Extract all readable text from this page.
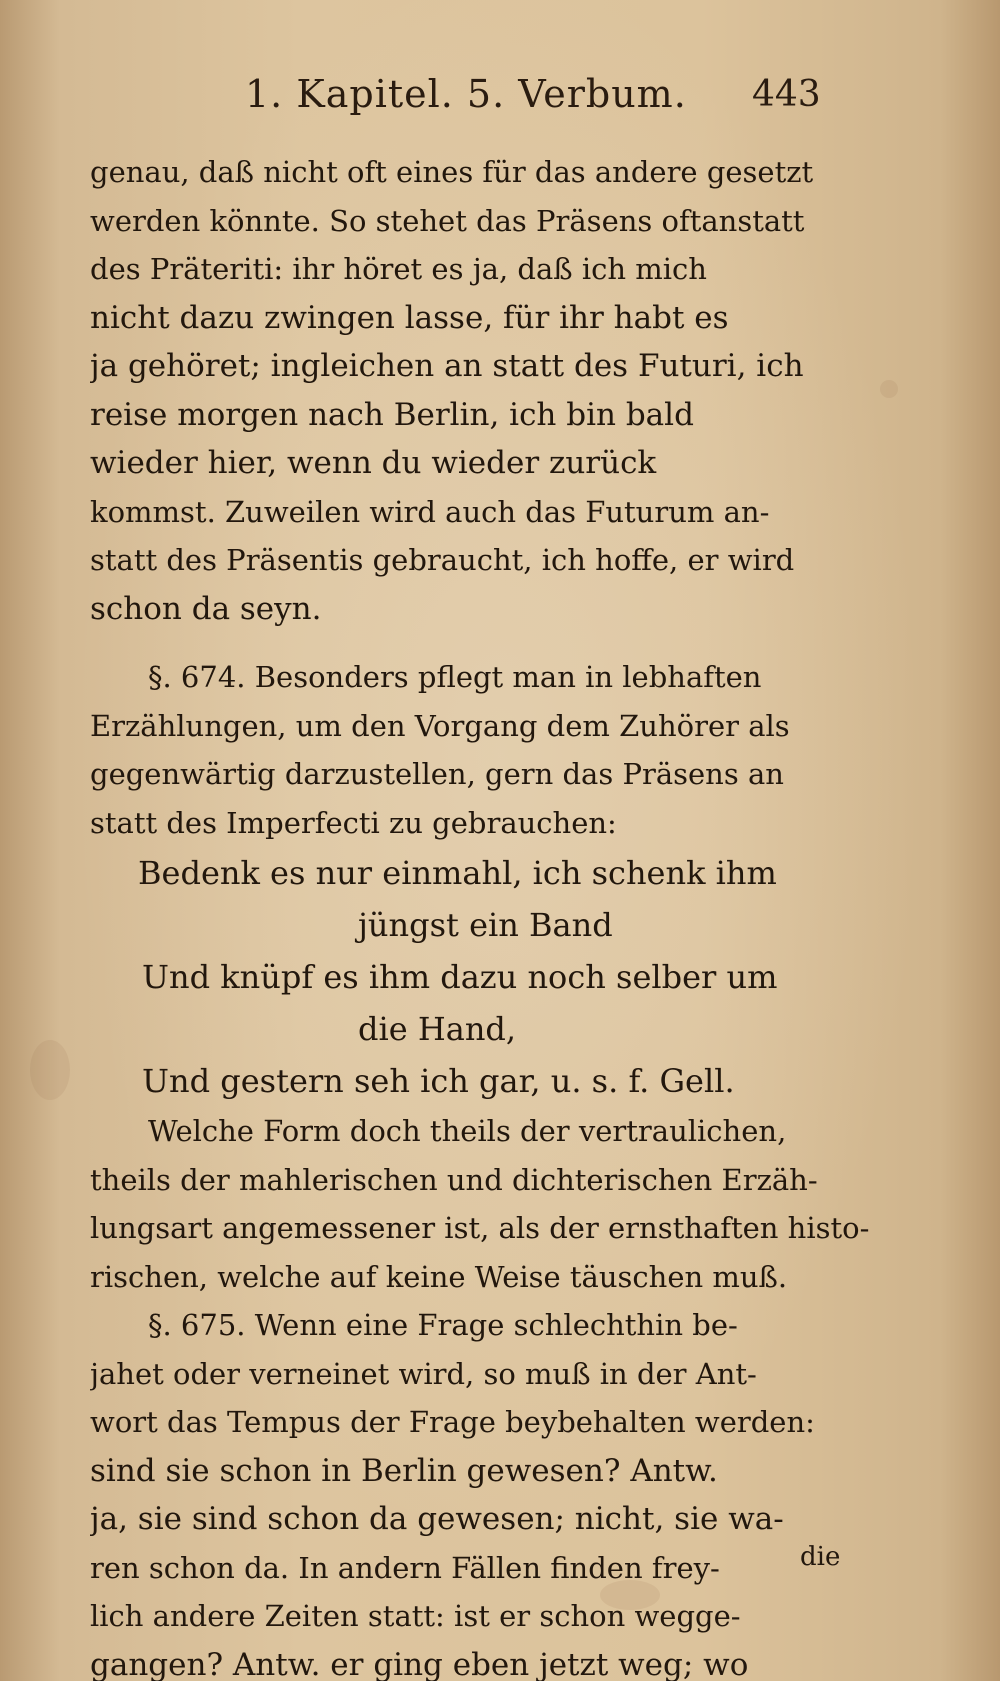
1. Kapitel. 5. Verbum. 443
genau, daß nicht oft eines für das andere gesetzt
werden könnte. So stehet das Präsens oftanstatt
des Präteriti: ihr höret es ja, daß ich mich
nicht dazu zwingen lasse, für ihr habt es
ja gehöret; ingleichen an statt des Futuri, ich
reise morgen nach Berlin, ich bin bald
wieder hier, wenn du wieder zurück
kommst. Zuweilen wird auch das Futurum an-
statt des Präsentis gebraucht, ich hoffe, er wird
schon da seyn.
§. 674. Besonders pflegt man in lebhaften
Erzählungen, um den Vorgang dem Zuhörer als
gegenwärtig darzustellen, gern das Präsens an
statt des Imperfecti zu gebrauchen:
Bedenk es nur einmahl, ich schenk ihm
jüngst ein Band
Und knüpf es ihm dazu noch selber um
die Hand,
Und gestern seh ich gar, u. s. f. Gell.
Welche Form doch theils der vertraulichen,
theils der mahlerischen und dichterischen Erzäh-
lungsart angemessener ist, als der ernsthaften histo-
rischen, welche auf keine Weise täuschen muß.
§. 675. Wenn eine Frage schlechthin be-
jahet oder verneinet wird, so muß in der Ant-
wort das Tempus der Frage beybehalten werden:
sind sie schon in Berlin gewesen? Antw.
ja, sie sind schon da gewesen; nicht, sie wa-
ren schon da. In andern Fällen finden frey-
lich andere Zeiten statt: ist er schon wegge-
gangen? Antw. er ging eben jetzt weg; wo
die
